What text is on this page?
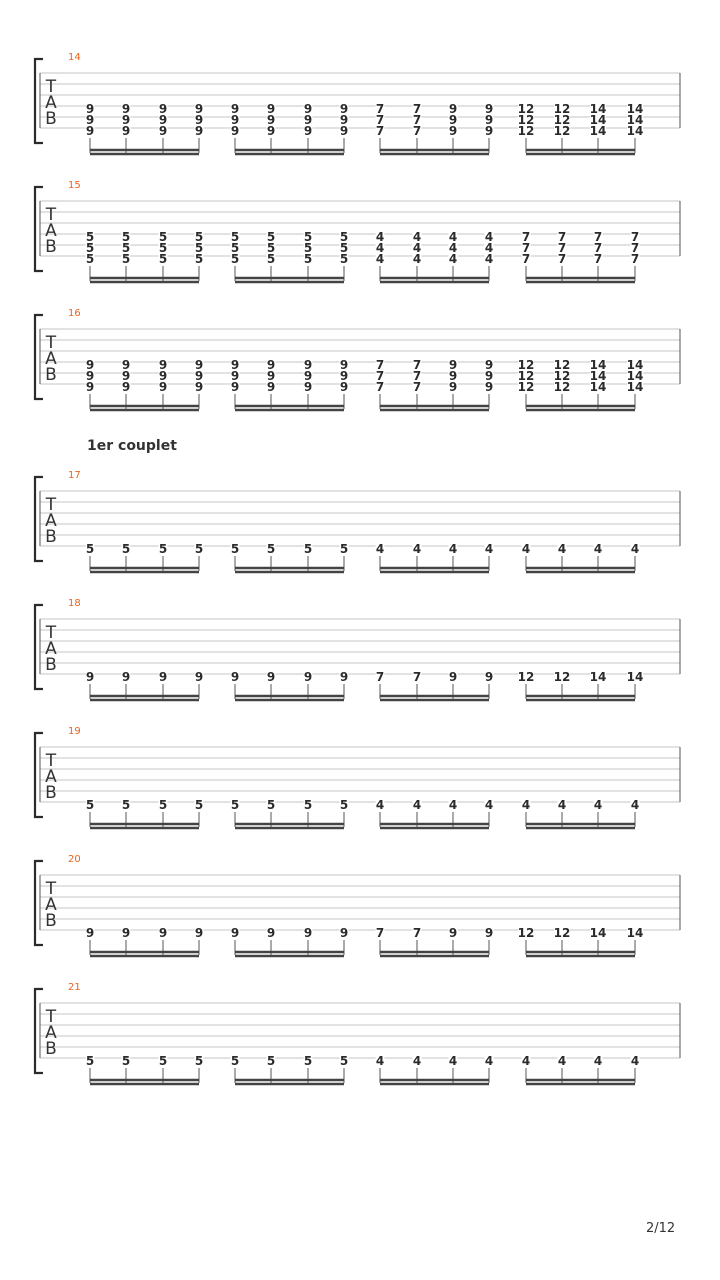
1er couplet
2/12
14
T
A
B 9
9
9
9
9
9
9
9
9
9
9
9
9
9
9
9
9
9
9
9
9
9
9
9
7
7
7
7
7
7
9
9
9
9
9
9
12
12
12
12
12
12
14
14
14
14
14
14
15
T
A
B 5
5
5
5
5
5
5
5
5
5
5
5
5
5
5
5
5
5
5
5
5
5
5
5
4
4
4
4
4
4
4
4
4
4
4
4
7
7
7
7
7
7
7
7
7
7
7
7
16
T
A
B 9
9
9
9
9
9
9
9
9
9
9
9
9
9
9
9
9
9
9
9
9
9
9
9
7
7
7
7
7
7
9
9
9
9
9
9
12
12
12
12
12
12
14
14
14
14
14
14
17
T
A
B
5 5 5 5 5 5 5 5 4 4 4 4 4 4 4 4
18
T
A
B
9 9 9 9 9 9 9 9 7 7 9 9 12 12 14 14
19
T
A
B
5 5 5 5 5 5 5 5 4 4 4 4 4 4 4 4
20
T
A
B
9 9 9 9 9 9 9 9 7 7 9 9 12 12 14 14
21
T
A
B
5 5 5 5 5 5 5 5 4 4 4 4 4 4 4 4
